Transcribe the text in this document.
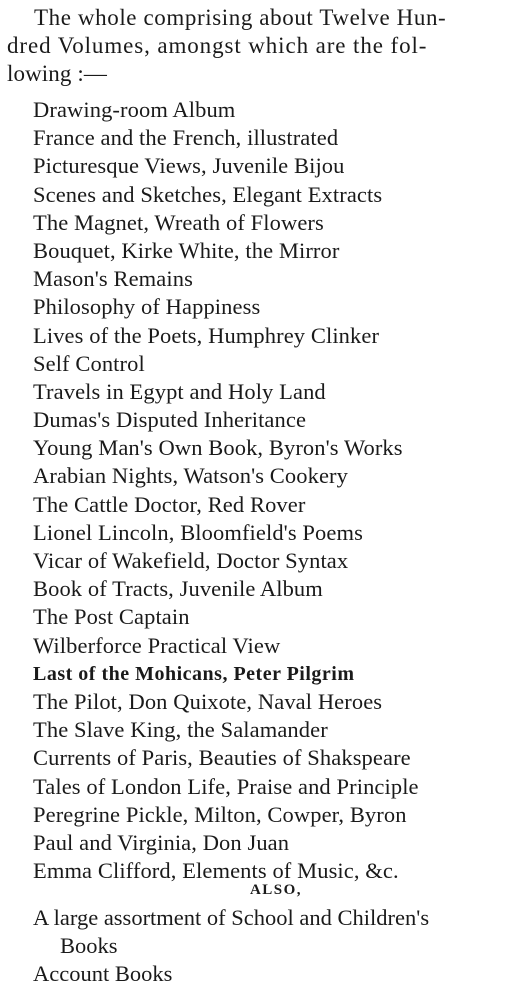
The whole comprising about Twelve Hun-
dred Volumes, amongst which are the fol-
lowing :—
Drawing-room Album
France and the French, illustrated
Picturesque Views, Juvenile Bijou
Scenes and Sketches, Elegant Extracts
The Magnet, Wreath of Flowers
Bouquet, Kirke White, the Mirror
Mason's Remains
Philosophy of Happiness
Lives of the Poets, Humphrey Clinker
Self Control
Travels in Egypt and Holy Land
Dumas's Disputed Inheritance
Young Man's Own Book, Byron's Works
Arabian Nights, Watson's Cookery
The Cattle Doctor, Red Rover
Lionel Lincoln, Bloomfield's Poems
Vicar of Wakefield, Doctor Syntax
Book of Tracts, Juvenile Album
The Post Captain
Wilberforce Practical View
Last of the Mohicans, Peter Pilgrim
The Pilot, Don Quixote, Naval Heroes
The Slave King, the Salamander
Currents of Paris, Beauties of Shakspeare
Tales of London Life, Praise and Principle
Peregrine Pickle, Milton, Cowper, Byron
Paul and Virginia, Don Juan
Emma Clifford, Elements of Music, &c.
ALSO,
A large assortment of School and Children's
Books
Account Books
